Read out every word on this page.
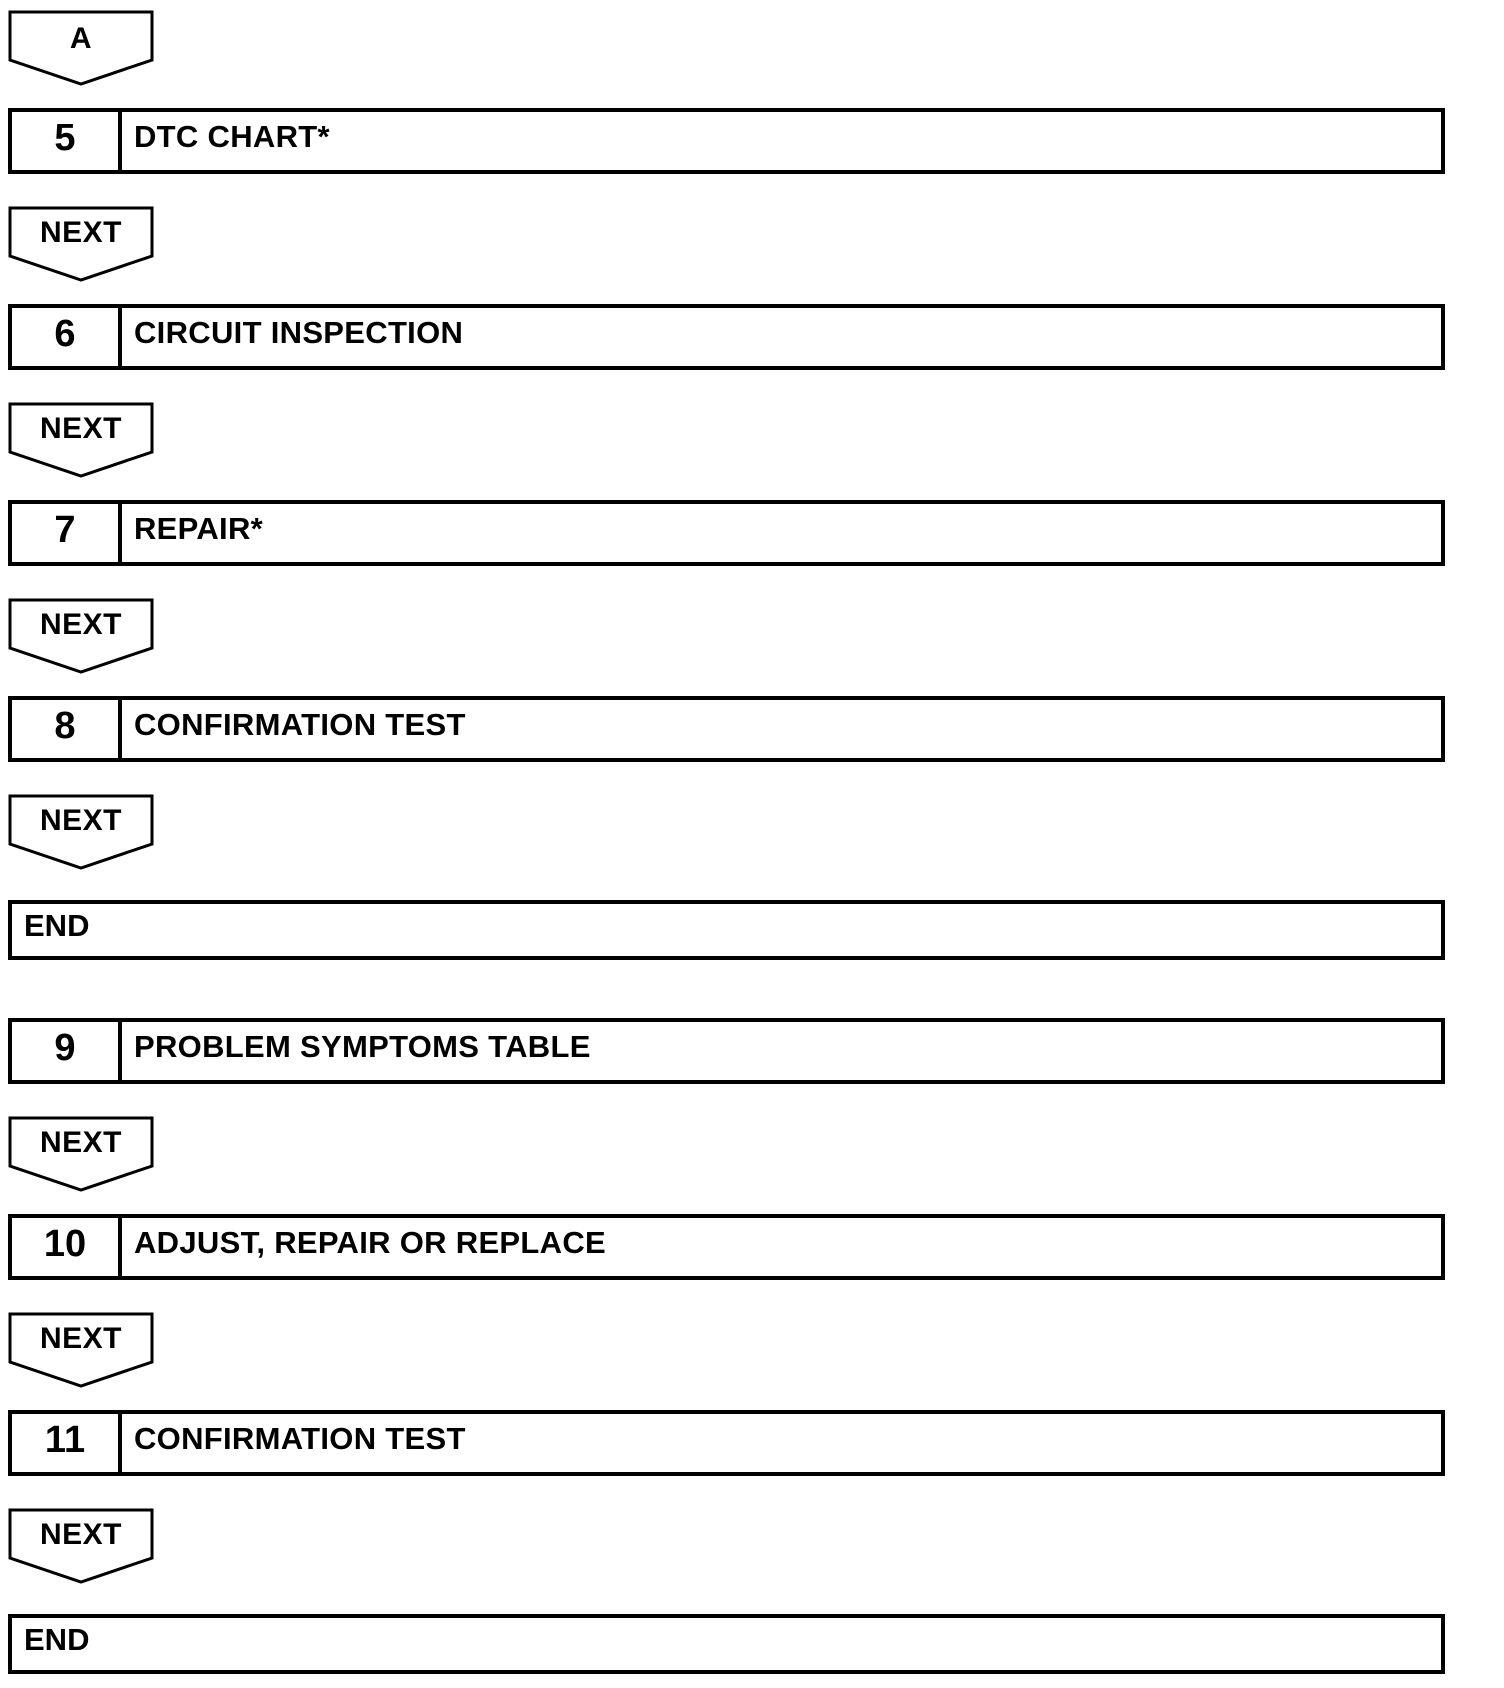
A
5	DTC CHART*
NEXT
6	CIRCUIT INSPECTION
NEXT
7	REPAIR*
NEXT
8	CONFIRMATION TEST
NEXT
END
9	PROBLEM SYMPTOMS TABLE
NEXT
10	ADJUST, REPAIR OR REPLACE
NEXT
11	CONFIRMATION TEST
NEXT
END
